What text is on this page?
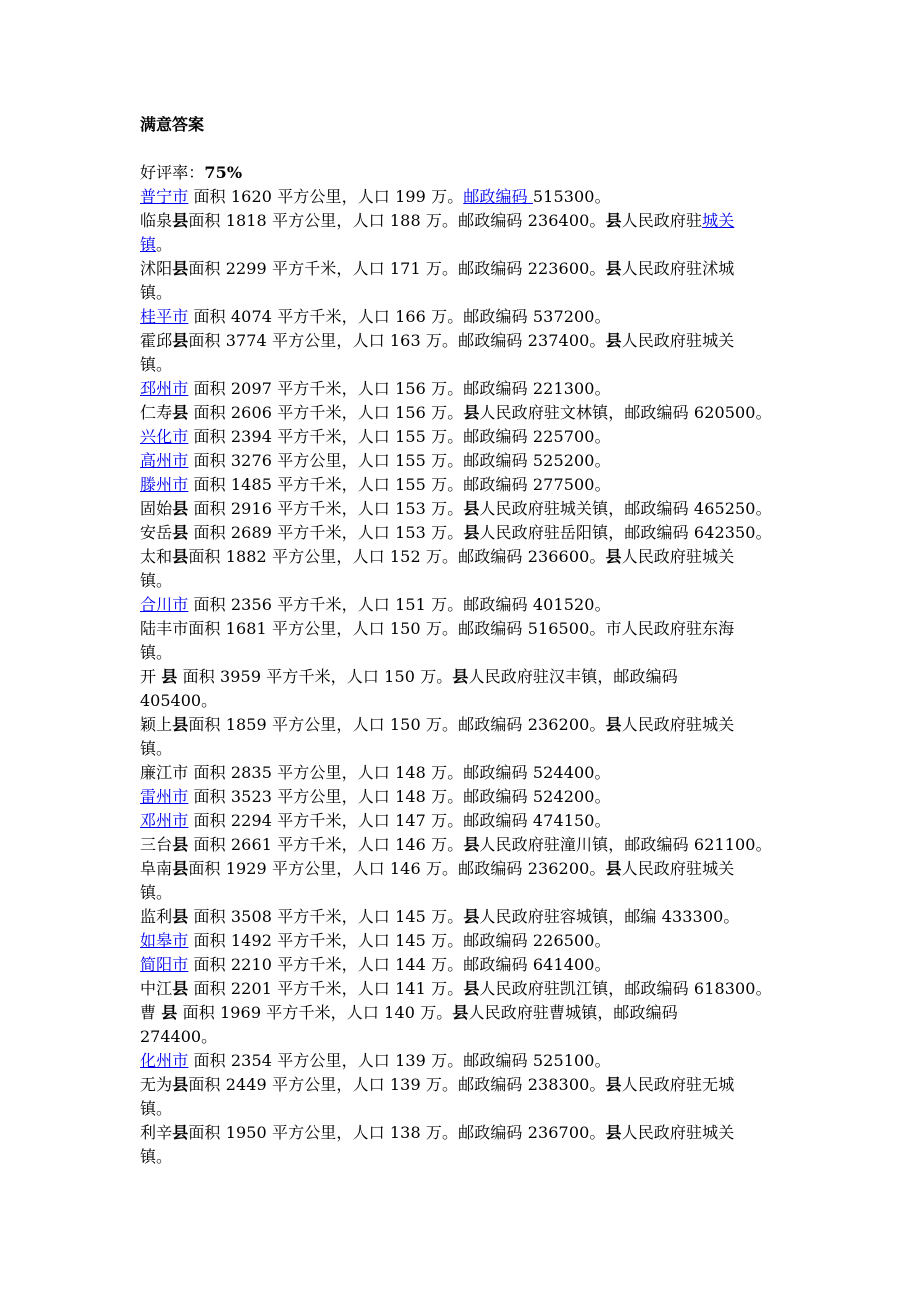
满意答案
好评率：75%
普宁市 面积 1620 平方公里，人口 199 万。邮政编码 515300。
临泉县面积 1818 平方公里，人口 188 万。邮政编码 236400。县人民政府驻城关
镇。
沭阳县面积 2299 平方千米，人口 171 万。邮政编码 223600。县人民政府驻沭城
镇。
桂平市 面积 4074 平方千米，人口 166 万。邮政编码 537200。
霍邱县面积 3774 平方公里，人口 163 万。邮政编码 237400。县人民政府驻城关
镇。
邳州市 面积 2097 平方千米，人口 156 万。邮政编码 221300。
仁寿县 面积 2606 平方千米，人口 156 万。县人民政府驻文林镇，邮政编码 620500。
兴化市 面积 2394 平方千米，人口 155 万。邮政编码 225700。
高州市 面积 3276 平方公里，人口 155 万。邮政编码 525200。
滕州市 面积 1485 平方千米，人口 155 万。邮政编码 277500。
固始县 面积 2916 平方千米，人口 153 万。县人民政府驻城关镇，邮政编码 465250。
安岳县 面积 2689 平方千米，人口 153 万。县人民政府驻岳阳镇，邮政编码 642350。
太和县面积 1882 平方公里，人口 152 万。邮政编码 236600。县人民政府驻城关
镇。
合川市 面积 2356 平方千米，人口 151 万。邮政编码 401520。
陆丰市面积 1681 平方公里，人口 150 万。邮政编码 516500。市人民政府驻东海
镇。
开 县 面积 3959 平方千米，人口 150 万。县人民政府驻汉丰镇，邮政编码
405400。
颖上县面积 1859 平方公里，人口 150 万。邮政编码 236200。县人民政府驻城关
镇。
廉江市 面积 2835 平方公里，人口 148 万。邮政编码 524400。
雷州市 面积 3523 平方公里，人口 148 万。邮政编码 524200。
邓州市 面积 2294 平方千米，人口 147 万。邮政编码 474150。
三台县 面积 2661 平方千米，人口 146 万。县人民政府驻潼川镇，邮政编码 621100。
阜南县面积 1929 平方公里，人口 146 万。邮政编码 236200。县人民政府驻城关
镇。
监利县 面积 3508 平方千米，人口 145 万。县人民政府驻容城镇，邮编 433300。
如皋市 面积 1492 平方千米，人口 145 万。邮政编码 226500。
简阳市 面积 2210 平方千米，人口 144 万。邮政编码 641400。
中江县 面积 2201 平方千米，人口 141 万。县人民政府驻凯江镇，邮政编码 618300。
曹 县 面积 1969 平方千米，人口 140 万。县人民政府驻曹城镇，邮政编码
274400。
化州市 面积 2354 平方公里，人口 139 万。邮政编码 525100。
无为县面积 2449 平方公里，人口 139 万。邮政编码 238300。县人民政府驻无城
镇。
利辛县面积 1950 平方公里，人口 138 万。邮政编码 236700。县人民政府驻城关
镇。
